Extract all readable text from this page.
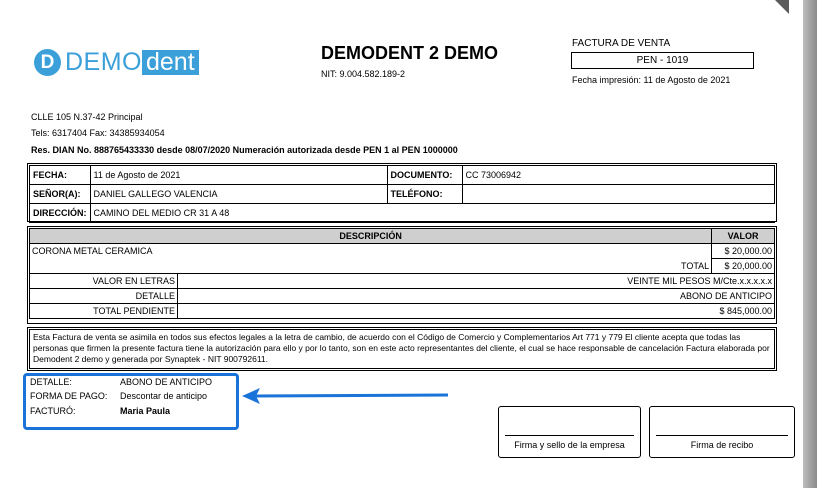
D DEMO dent	DEMODENT 2 DEMO
NIT: 9.004.582.189-2
FACTURA DE VENTA
PEN - 1019
Fecha impresión: 11 de Agosto de 2021
CLLE 105 N.37-42 Principal
Tels: 6317404 Fax: 34385934054
Res. DIAN No. 888765433330 desde 08/07/2020 Numeración autorizada desde PEN 1 al PEN 1000000
FECHA:	11 de Agosto de 2021	DOCUMENTO:	CC 73006942
SEÑOR(A):	DANIEL GALLEGO VALENCIA	TELÉFONO:	
DIRECCIÓN:	CAMINO DEL MEDIO CR 31 A 48		
DESCRIPCIÓN		VALOR
CORONA METAL CERAMICA		$ 20,000.00
TOTAL		$ 20,000.00
VALOR EN LETRAS	VEINTE MIL PESOS M/Cte.x.x.x.x.x	
DETALLE	ABONO DE ANTICIPO	
TOTAL PENDIENTE	$ 845,000.00	
Esta Factura de venta se asimila en todos sus efectos legales a la letra de cambio, de acuerdo con el Código de Comercio y Complementarios Art 771 y 779 El cliente acepta que todas las personas que firmen la presente factura tiene la autorización para ello y por lo tanto, son en este acto representantes del cliente, el cual se hace responsable de cancelación Factura elaborada por Demodent 2 demo y generada por Synaptek - NIT 900792611.
DETALLE:	ABONO DE ANTICIPO
FORMA DE PAGO: Descontar de anticipo
FACTURÓ:	Maria Paula
Firma y sello de la empresa	Firma de recibo
